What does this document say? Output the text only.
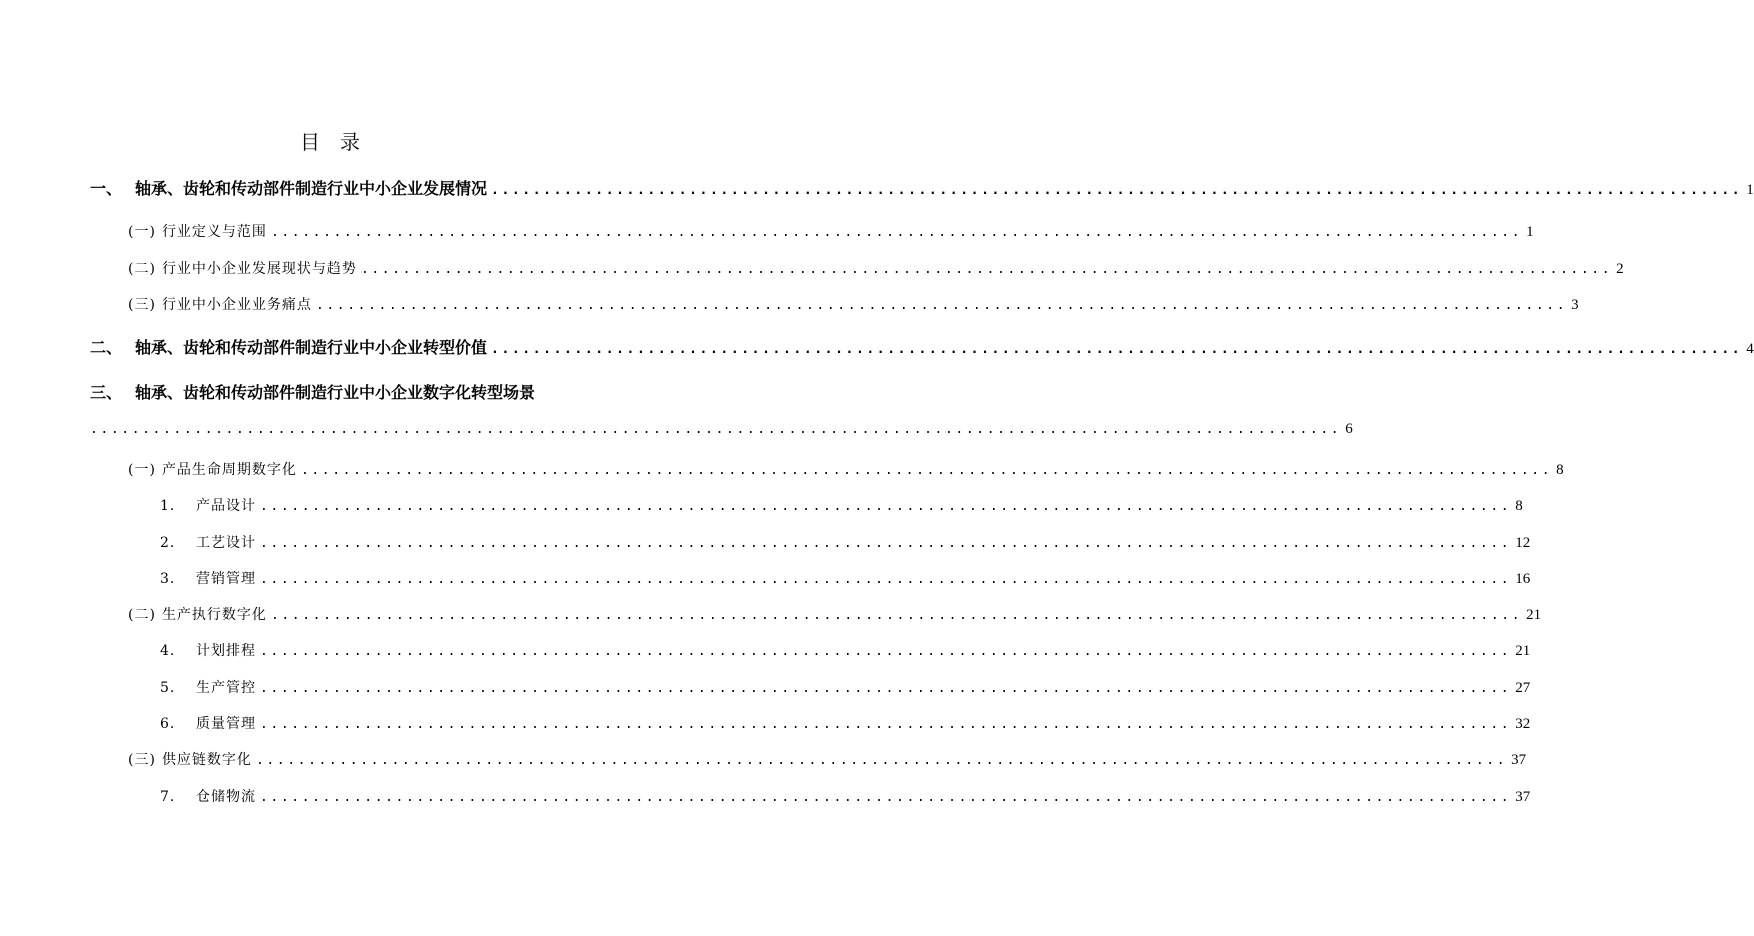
目 录
一、 轴承、齿轮和传动部件制造行业中小企业发展情况 ........................................................................................................................ 1
(一) 行业定义与范围 ........................................................................................................................ 1
(二) 行业中小企业发展现状与趋势 ........................................................................................................................ 2
(三) 行业中小企业业务痛点 ........................................................................................................................ 3
二、 轴承、齿轮和传动部件制造行业中小企业转型价值 ........................................................................................................................ 4
三、 轴承、齿轮和传动部件制造行业中小企业数字化转型场景
........................................................................................................................ 6
(一) 产品生命周期数字化 ........................................................................................................................ 8
1.	产品设计 ........................................................................................................................ 8
2.	工艺设计 ........................................................................................................................ 12
3.	营销管理 ........................................................................................................................ 16
(二) 生产执行数字化 ........................................................................................................................ 21
4.	计划排程 ........................................................................................................................ 21
5.	生产管控 ........................................................................................................................ 27
6.	质量管理 ........................................................................................................................ 32
(三) 供应链数字化 ........................................................................................................................ 37
7.	仓储物流 ........................................................................................................................ 37
